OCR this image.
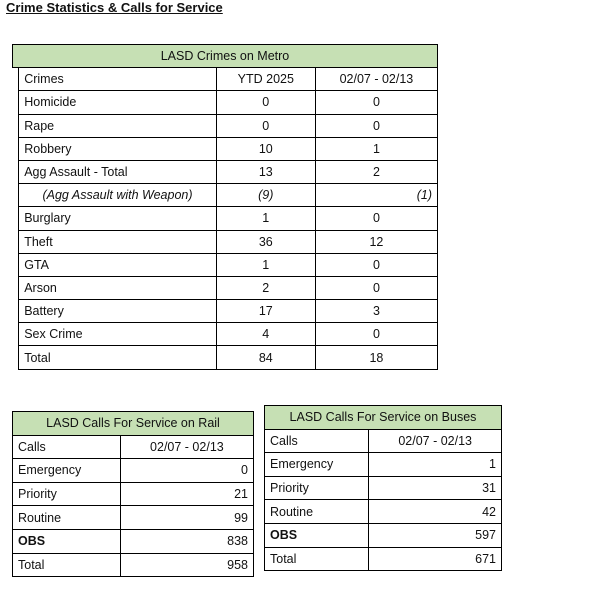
Crime Statistics & Calls for Service
LASD Crimes on Metro			
	Crimes	YTD 2025	02/07 - 02/13
	Homicide	0	0
	Rape	0	0
	Robbery	10	1
	Agg Assault - Total	13	2
	(Agg Assault with Weapon)	(9)	(1)
	Burglary	1	0
	Theft	36	12
	GTA	1	0
	Arson	2	0
	Battery	17	3
	Sex Crime	4	0
	Total	84	18
LASD Calls For Service on Rail	
Calls	02/07 - 02/13
Emergency	0
Priority	21
Routine	99
OBS	838
Total	958
LASD Calls For Service on Buses	
Calls	02/07 - 02/13
Emergency	1
Priority	31
Routine	42
OBS	597
Total	671
